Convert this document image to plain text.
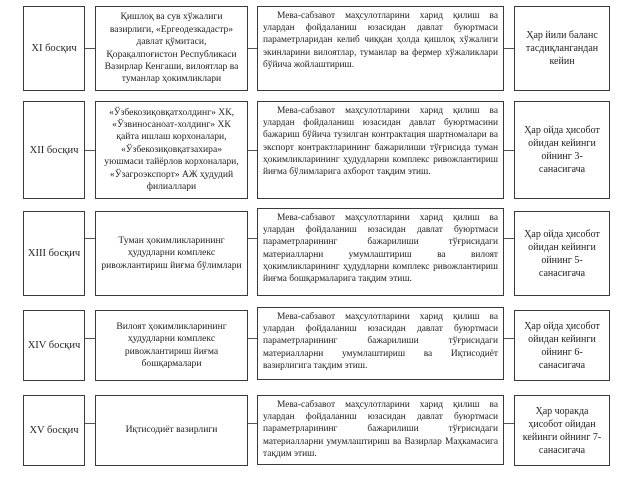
XI босқич
Қишлоқ ва сув хўжалиги вазирлиги, «Ергеодезкадастр» давлат қўмитаси, Қорақалпоғистон Республикаси Вазирлар Кенгаши, вилоятлар ва туманлар ҳокимликлари
Мева-сабзавот маҳсулотларини харид қилиш ва улардан фойдаланиш юзасидан давлат буюртмаси параметрларидан келиб чиққан ҳолда қишлоқ хўжалиги экинларини вилоятлар, туманлар ва фермер хўжаликлари бўйича жойлаштириш.
Ҳар йили баланс тасдиқлангандан кейин
XII босқич
«Ўзбекозиқовқатхолдинг» ХК, «Ўзвиносаноат-холдинг» ХК қайта ишлаш корхоналари, «Ўзбекозиқовқатзахира» уюшмаси тайёрлов корхоналари, «Ўзагроэкспорт» АЖ ҳудудий филиаллари
Мева-сабзавот маҳсулотларини харид қилиш ва улардан фойдаланиш юзасидан давлат буюртмасини бажариш бўйича тузилган контрактация шартномалари ва экспорт контрактларининг бажарилиши тўғрисида туман ҳокимликларининг ҳудудларни комплекс ривожлантириш йиғма бўлимларига ахборот тақдим этиш.
Ҳар ойда ҳисобот ойидан кейинги ойнинг 3-санасигача
XIII босқич
Туман ҳокимликларининг ҳудудларни комплекс ривожлантириш йиғма бўлимлари
Мева-сабзавот маҳсулотларини харид қилиш ва улардан фойдаланиш юзасидан давлат буюртмаси параметрларининг бажарилиши тўғрисидаги материалларни умумлаштириш ва вилоят ҳокимликларининг ҳудудларни комплекс ривожлантириш йиғма бошқармаларига тақдим этиш.
Ҳар ойда ҳисобот ойидан кейинги ойнинг 5-санасигача
XIV босқич
Вилоят ҳокимликларининг ҳудудларни комплекс ривожлантириш йиғма бошқармалари
Мева-сабзавот маҳсулотларини харид қилиш ва улардан фойдаланиш юзасидан давлат буюртмаси параметрларининг бажарилиши тўғрисидаги материалларни умумлаштириш ва Иқтисодиёт вазирлигига тақдим этиш.
Ҳар ойда ҳисобот ойидан кейинги ойнинг 6-санасигача
XV босқич	Иқтисодиёт вазирлиги
Мева-сабзавот маҳсулотларини харид қилиш ва улардан фойдаланиш юзасидан давлат буюртмаси параметрларининг бажарилиши тўғрисидаги материалларни умумлаштириш ва Вазирлар Маҳкамасига тақдим этиш.
Ҳар чоракда ҳисобот ойидан кейинги ойнинг 7-санасигача
